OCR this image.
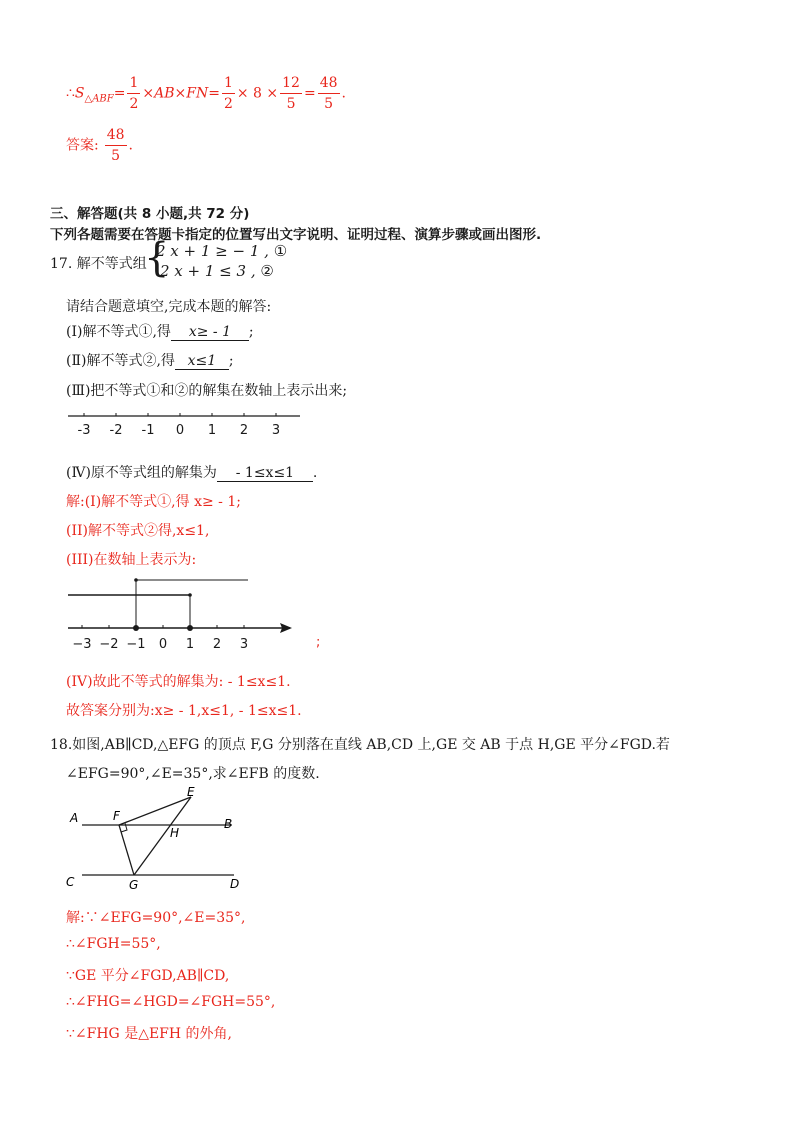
$\therefore S_{\triangle ABF}= \frac{1}{2} \times AB\times FN= \frac{1}{2} \times 8 \times \frac{12}{5} = \frac{48}{5}$ .
答案: $\frac{48}{5}$ .
三、解答题(共 8 小题,共 72 分)
下列各题需要在答题卡指定的位置写出文字说明、证明过程、演算步骤或画出图形.
17. 解不等式组
{
2 x + 1 ≥ − 1 , ①
2 x + 1 ≤ 3 , ②
请结合题意填空,完成本题的解答:
(Ⅰ)解不等式①,得 x≥ - 1 ;
(Ⅱ)解不等式②,得 x≤1 ;
(Ⅲ)把不等式①和②的解集在数轴上表示出来;
-3 -2 -1 0 1 2 3
(Ⅳ)原不等式组的解集为 - 1≤x≤1 .
解:(I)解不等式①,得 x≥ - 1;
(II)解不等式②得,x≤1,
(III)在数轴上表示为:
−3 −2 −1 0 1 2 3	;
(IV)故此不等式的解集为: - 1≤x≤1.
故答案分别为:x≥ - 1,x≤1, - 1≤x≤1.
18.如图,AB∥CD,△EFG 的顶点 F,G 分别落在直线 AB,CD 上,GE 交 AB 于点 H,GE 平分∠FGD.若
∠EFG=90°,∠E=35°,求∠EFB 的度数.
A	B
C	D
E
F
G
H
解:∵∠EFG=90°,∠E=35°,
∴∠FGH=55°,
∵GE 平分∠FGD,AB∥CD,
∴∠FHG=∠HGD=∠FGH=55°,
∵∠FHG 是△EFH 的外角,
